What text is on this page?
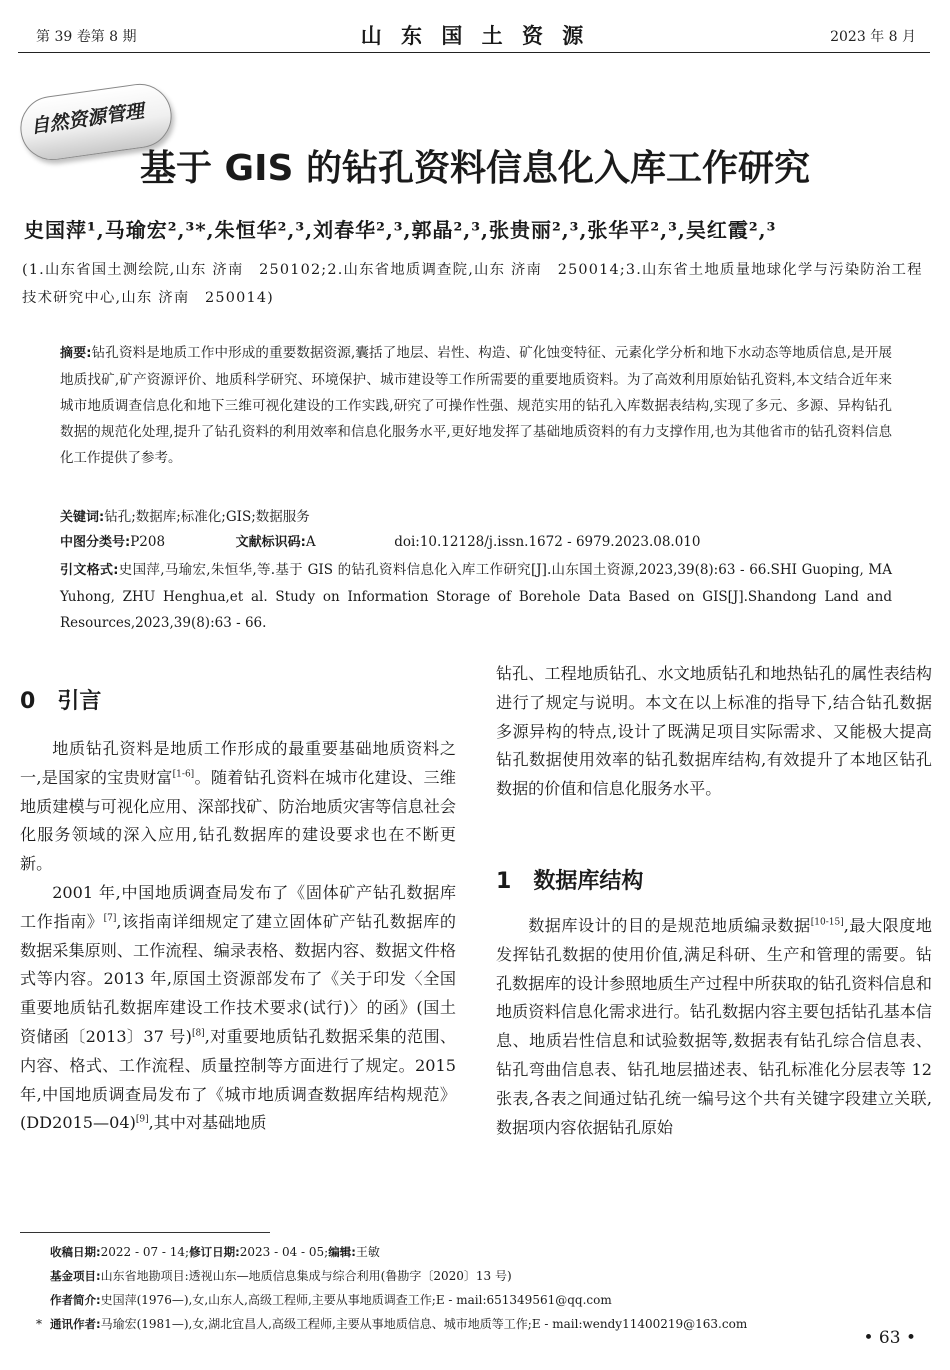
第 39 卷第 8 期	山 东 国 土 资 源	2023 年 8 月
自然资源管理
基于 GIS 的钻孔资料信息化入库工作研究
史国萍¹,马瑜宏²,³*,朱恒华²,³,刘春华²,³,郭晶²,³,张贵丽²,³,张华平²,³,吴红霞²,³
(1.山东省国土测绘院,山东 济南　250102;2.山东省地质调查院,山东 济南　250014;3.山东省土地质量地球化学与污染防治工程技术研究中心,山东 济南　250014)
摘要:钻孔资料是地质工作中形成的重要数据资源,囊括了地层、岩性、构造、矿化蚀变特征、元素化学分析和地下水动态等地质信息,是开展地质找矿,矿产资源评价、地质科学研究、环境保护、城市建设等工作所需要的重要地质资料。为了高效利用原始钻孔资料,本文结合近年来城市地质调查信息化和地下三维可视化建设的工作实践,研究了可操作性强、规范实用的钻孔入库数据表结构,实现了多元、多源、异构钻孔数据的规范化处理,提升了钻孔资料的利用效率和信息化服务水平,更好地发挥了基础地质资料的有力支撑作用,也为其他省市的钻孔资料信息化工作提供了参考。
关键词:钻孔;数据库;标准化;GIS;数据服务
中图分类号:P208	文献标识码:A	doi:10.12128/j.issn.1672 - 6979.2023.08.010
引文格式:史国萍,马瑜宏,朱恒华,等.基于 GIS 的钻孔资料信息化入库工作研究[J].山东国土资源,2023,39(8):63 - 66.SHI Guoping, MA Yuhong, ZHU Henghua,et al. Study on Information Storage of Borehole Data Based on GIS[J].Shandong Land and Resources,2023,39(8):63 - 66.
0 引言

地质钻孔资料是地质工作形成的最重要基础地质资料之一,是国家的宝贵财富[1-6]。随着钻孔资料在城市化建设、三维地质建模与可视化应用、深部找矿、防治地质灾害等信息社会化服务领域的深入应用,钻孔数据库的建设要求也在不断更新。

2001 年,中国地质调查局发布了《固体矿产钻孔数据库工作指南》[7],该指南详细规定了建立固体矿产钻孔数据库的数据采集原则、工作流程、编录表格、数据内容、数据文件格式等内容。2013 年,原国土资源部发布了《关于印发〈全国重要地质钻孔数据库建设工作技术要求(试行)〉的函》(国土资储函〔2013〕37 号)[8],对重要地质钻孔数据采集的范围、内容、格式、工作流程、质量控制等方面进行了规定。2015 年,中国地质调查局发布了《城市地质调查数据库结构规范》(DD2015—04)[9],其中对基础地质

钻孔、工程地质钻孔、水文地质钻孔和地热钻孔的属性表结构进行了规定与说明。本文在以上标准的指导下,结合钻孔数据多源异构的特点,设计了既满足项目实际需求、又能极大提高钻孔数据使用效率的钻孔数据库结构,有效提升了本地区钻孔数据的价值和信息化服务水平。

1 数据库结构

数据库设计的目的是规范地质编录数据[10-15],最大限度地发挥钻孔数据的使用价值,满足科研、生产和管理的需要。钻孔数据库的设计参照地质生产过程中所获取的钻孔资料信息和地质资料信息化需求进行。钻孔数据内容主要包括钻孔基本信息、地质岩性信息和试验数据等,数据表有钻孔综合信息表、钻孔弯曲信息表、钻孔地层描述表、钻孔标准化分层表等 12 张表,各表之间通过钻孔统一编号这个共有关键字段建立关联,数据项内容依据钻孔原始

收稿日期:2022 - 07 - 14;修订日期:2023 - 04 - 05;编辑:王敏
基金项目:山东省地勘项目:透视山东—地质信息集成与综合利用(鲁勘字〔2020〕13 号)
作者简介:史国萍(1976—),女,山东人,高级工程师,主要从事地质调查工作;E - mail:651349561@qq.com
* 通讯作者:马瑜宏(1981—),女,湖北宜昌人,高级工程师,主要从事地质信息、城市地质等工作;E - mail:wendy11400219@163.com
• 63 •
